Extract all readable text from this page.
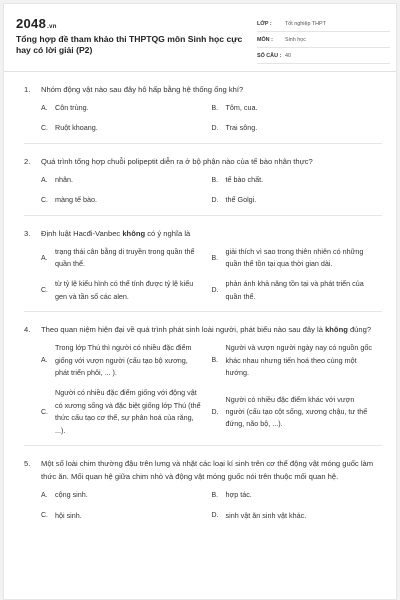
2048.vn
Tổng hợp đề tham khảo thi THPTQG môn Sinh học cực hay có lời giải (P2)
LỚP :	Tốt nghiệp THPT
MÔN :	Sinh học
SỐ CÂU : 40
1.	Nhóm động vật nào sau đây hô hấp bằng hệ thống ống khí?
A.	Côn trùng.	B.	Tôm, cua.
C. Ruột khoang.	D. Trai sông.
2.	Quá trình tổng hợp chuỗi polipeptit diễn ra ở bộ phận nào của tế bào nhân thực?
A.	nhân.	B.	tế bào chất.
C. màng tế bào.	D. thể Golgi.
3.	Định luật Hacđi-Vanbec không có ý nghĩa là
A.
trạng thái cân bằng di truyền trong quần thể quần thể.
B.
giải thích vì sao trong thiên nhiên có những quần thể tồn tại qua thời gian dài.
C.
từ tỷ lệ kiểu hình có thể tính được tỷ lệ kiểu gen và tần số các alen.
D.
phản ánh khả năng tồn tại và phát triển của quần thể.
4.	Theo quan niệm hiện đại về quá trình phát sinh loài người, phát biểu nào sau đây là không đúng?
A.
Trong lớp Thú thì người có nhiều đặc điểm giống với vượn người (cấu tạo bộ xương, phát triển phôi, ... ).
B.
Người và vượn người ngày nay có nguồn gốc khác nhau nhưng tiến hoá theo cùng một hướng.
C.
Người có nhiều đặc điểm giống với động vật có xương sống và đặc biệt giống lớp Thú (thể thức cấu tạo cơ thể, sự phân hoá của răng, ...).
D.
Người có nhiều đặc điểm khác với vượn người (cấu tạo cột sống, xương chậu, tư thế đứng, não bộ, ...).
5.	Một số loài chim thường đậu trên lưng và nhặt các loại kí sinh trên cơ thể động vật móng guốc làm thức ăn. Mối quan hệ giữa chim nhỏ và động vật móng guốc nói trên thuộc mối quan hệ.
A.	cộng sinh.	B.	hợp tác.
C. hội sinh.	D. sinh vật ăn sinh vật khác.
